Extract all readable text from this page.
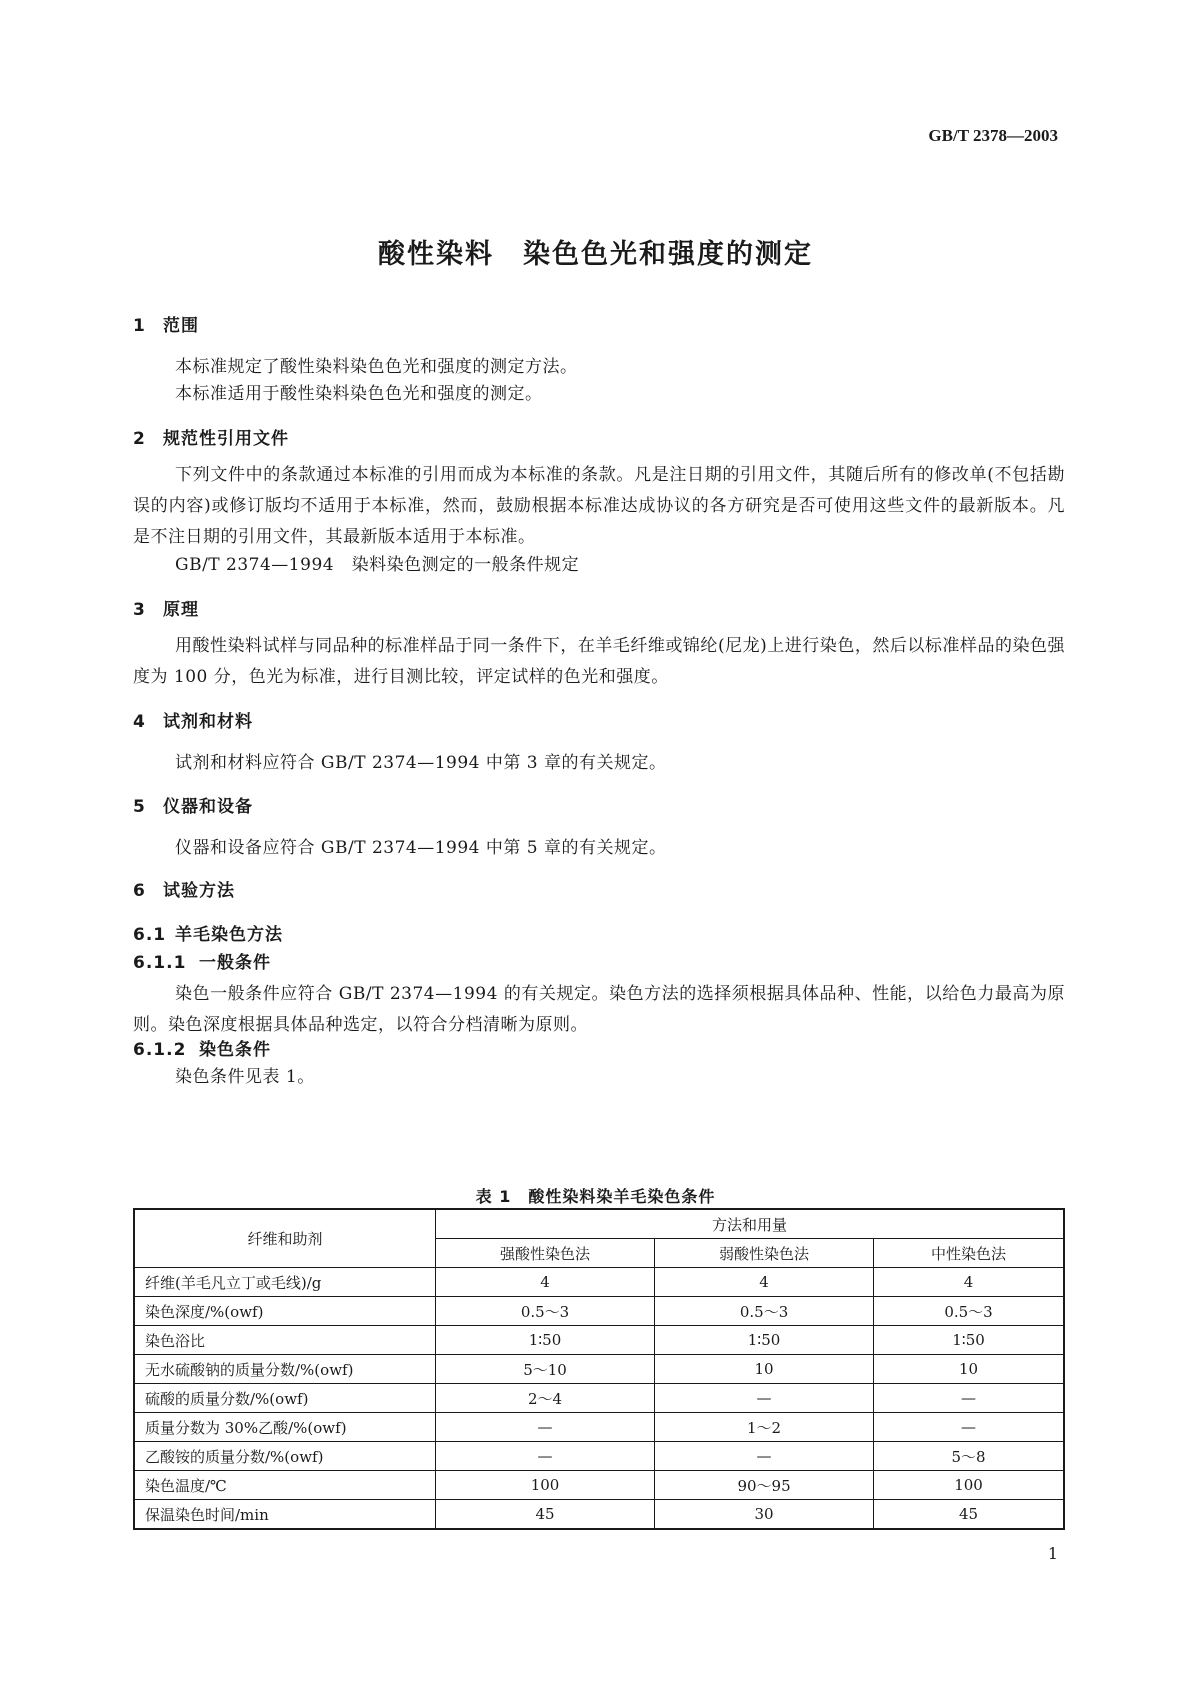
GB/T 2378—2003
酸性染料　染色色光和强度的测定
1 范围
本标准规定了酸性染料染色色光和强度的测定方法。
本标准适用于酸性染料染色色光和强度的测定。
2 规范性引用文件
下列文件中的条款通过本标准的引用而成为本标准的条款。凡是注日期的引用文件，其随后所有的修改单(不包括勘误的内容)或修订版均不适用于本标准，然而，鼓励根据本标准达成协议的各方研究是否可使用这些文件的最新版本。凡是不注日期的引用文件，其最新版本适用于本标准。
GB/T 2374—1994　染料染色测定的一般条件规定
3 原理
用酸性染料试样与同品种的标准样品于同一条件下，在羊毛纤维或锦纶(尼龙)上进行染色，然后以标准样品的染色强度为 100 分，色光为标准，进行目测比较，评定试样的色光和强度。
4 试剂和材料
试剂和材料应符合 GB/T 2374—1994 中第 3 章的有关规定。
5 仪器和设备
仪器和设备应符合 GB/T 2374—1994 中第 5 章的有关规定。
6 试验方法
6.1 羊毛染色方法
6.1.1 一般条件
染色一般条件应符合 GB/T 2374—1994 的有关规定。染色方法的选择须根据具体品种、性能，以给色力最高为原则。染色深度根据具体品种选定，以符合分档清晰为原则。
6.1.2 染色条件
染色条件见表 1。
表 1　酸性染料染羊毛染色条件
纤维和助剂	方法和用量		
	强酸性染色法	弱酸性染色法	中性染色法
纤维(羊毛凡立丁或毛线)/g	4	4	4
染色深度/%(owf)	0.5～3	0.5～3	0.5～3
染色浴比	1∶50	1∶50	1∶50
无水硫酸钠的质量分数/%(owf)	5～10	10	10
硫酸的质量分数/%(owf)	2～4	—	—
质量分数为 30%乙酸/%(owf)	—	1～2	—
乙酸铵的质量分数/%(owf)	—	—	5～8
染色温度/℃	100	90～95	100
保温染色时间/min	45	30	45
1
